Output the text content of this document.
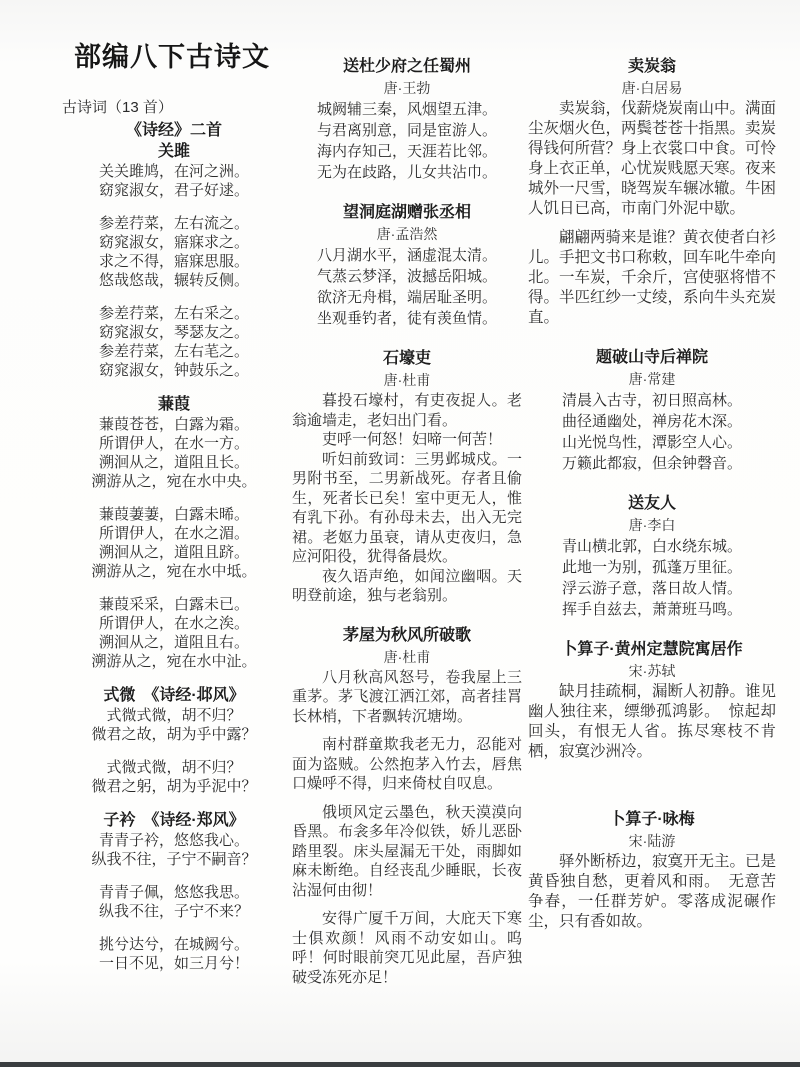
部编八下古诗文
古诗词（13 首）
《诗经》二首
关雎
关关雎鸠，在河之洲。
窈窕淑女，君子好逑。
参差荇菜，左右流之。
窈窕淑女，寤寐求之。
求之不得，寤寐思服。
悠哉悠哉，辗转反侧。
参差荇菜，左右采之。
窈窕淑女，琴瑟友之。
参差荇菜，左右芼之。
窈窕淑女，钟鼓乐之。
蒹葭
蒹葭苍苍，白露为霜。
所谓伊人，在水一方。
溯洄从之，道阻且长。
溯游从之，宛在水中央。
蒹葭萋萋，白露未晞。
所谓伊人，在水之湄。
溯洄从之，道阻且跻。
溯游从之，宛在水中坻。
蒹葭采采，白露未已。
所谓伊人，在水之涘。
溯洄从之，道阻且右。
溯游从之，宛在水中沚。
式微　《诗经·邶风》
式微式微，胡不归？
微君之故，胡为乎中露？
式微式微，胡不归？
微君之躬，胡为乎泥中？
子衿　《诗经·郑风》
青青子衿，悠悠我心。
纵我不往，子宁不嗣音？
青青子佩，悠悠我思。
纵我不往，子宁不来？
挑兮达兮，在城阙兮。
一日不见，如三月兮！
送杜少府之任蜀州
唐·王勃
城阙辅三秦，风烟望五津。
与君离别意，同是宦游人。
海内存知己，天涯若比邻。
无为在歧路，儿女共沾巾。
望洞庭湖赠张丞相
唐·孟浩然
八月湖水平，涵虚混太清。
气蒸云梦泽，波撼岳阳城。
欲济无舟楫，端居耻圣明。
坐观垂钓者，徒有羡鱼情。
石壕吏
唐·杜甫
暮投石壕村，有吏夜捉人。老翁逾墙走，老妇出门看。
吏呼一何怒！妇啼一何苦！
听妇前致词：三男邺城戍。一男附书至，二男新战死。存者且偷生，死者长已矣！室中更无人，惟有乳下孙。有孙母未去，出入无完裙。老妪力虽衰，请从吏夜归，急应河阳役，犹得备晨炊。
夜久语声绝，如闻泣幽咽。天明登前途，独与老翁别。
茅屋为秋风所破歌
唐·杜甫
八月秋高风怒号，卷我屋上三重茅。茅飞渡江洒江郊，高者挂罥长林梢，下者飘转沉塘坳。
南村群童欺我老无力，忍能对面为盗贼。公然抱茅入竹去，唇焦口燥呼不得，归来倚杖自叹息。
俄顷风定云墨色，秋天漠漠向昏黑。布衾多年冷似铁，娇儿恶卧踏里裂。床头屋漏无干处，雨脚如麻未断绝。自经丧乱少睡眠，长夜沾湿何由彻！
安得广厦千万间，大庇天下寒士俱欢颜！风雨不动安如山。呜呼！何时眼前突兀见此屋，吾庐独破受冻死亦足！
卖炭翁
唐·白居易
卖炭翁，伐薪烧炭南山中。满面尘灰烟火色，两鬓苍苍十指黑。卖炭得钱何所营？身上衣裳口中食。可怜身上衣正单，心忧炭贱愿天寒。夜来城外一尺雪，晓驾炭车辗冰辙。牛困人饥日已高，市南门外泥中歇。
翩翩两骑来是谁？黄衣使者白衫儿。手把文书口称敕，回车叱牛牵向北。一车炭，千余斤，宫使驱将惜不得。半匹红纱一丈绫，系向牛头充炭直。
题破山寺后禅院
唐·常建
清晨入古寺，初日照高林。
曲径通幽处，禅房花木深。
山光悦鸟性，潭影空人心。
万籁此都寂，但余钟磬音。
送友人
唐·李白
青山横北郭，白水绕东城。
此地一为别，孤蓬万里征。
浮云游子意，落日故人情。
挥手自兹去，萧萧班马鸣。
卜算子·黄州定慧院寓居作
宋·苏轼
缺月挂疏桐，漏断人初静。谁见幽人独往来，缥缈孤鸿影。　惊起却回头，有恨无人省。拣尽寒枝不肯栖，寂寞沙洲冷。
卜算子·咏梅
宋·陆游
驿外断桥边，寂寞开无主。已是黄昏独自愁，更着风和雨。　无意苦争春，一任群芳妒。零落成泥碾作尘，只有香如故。
